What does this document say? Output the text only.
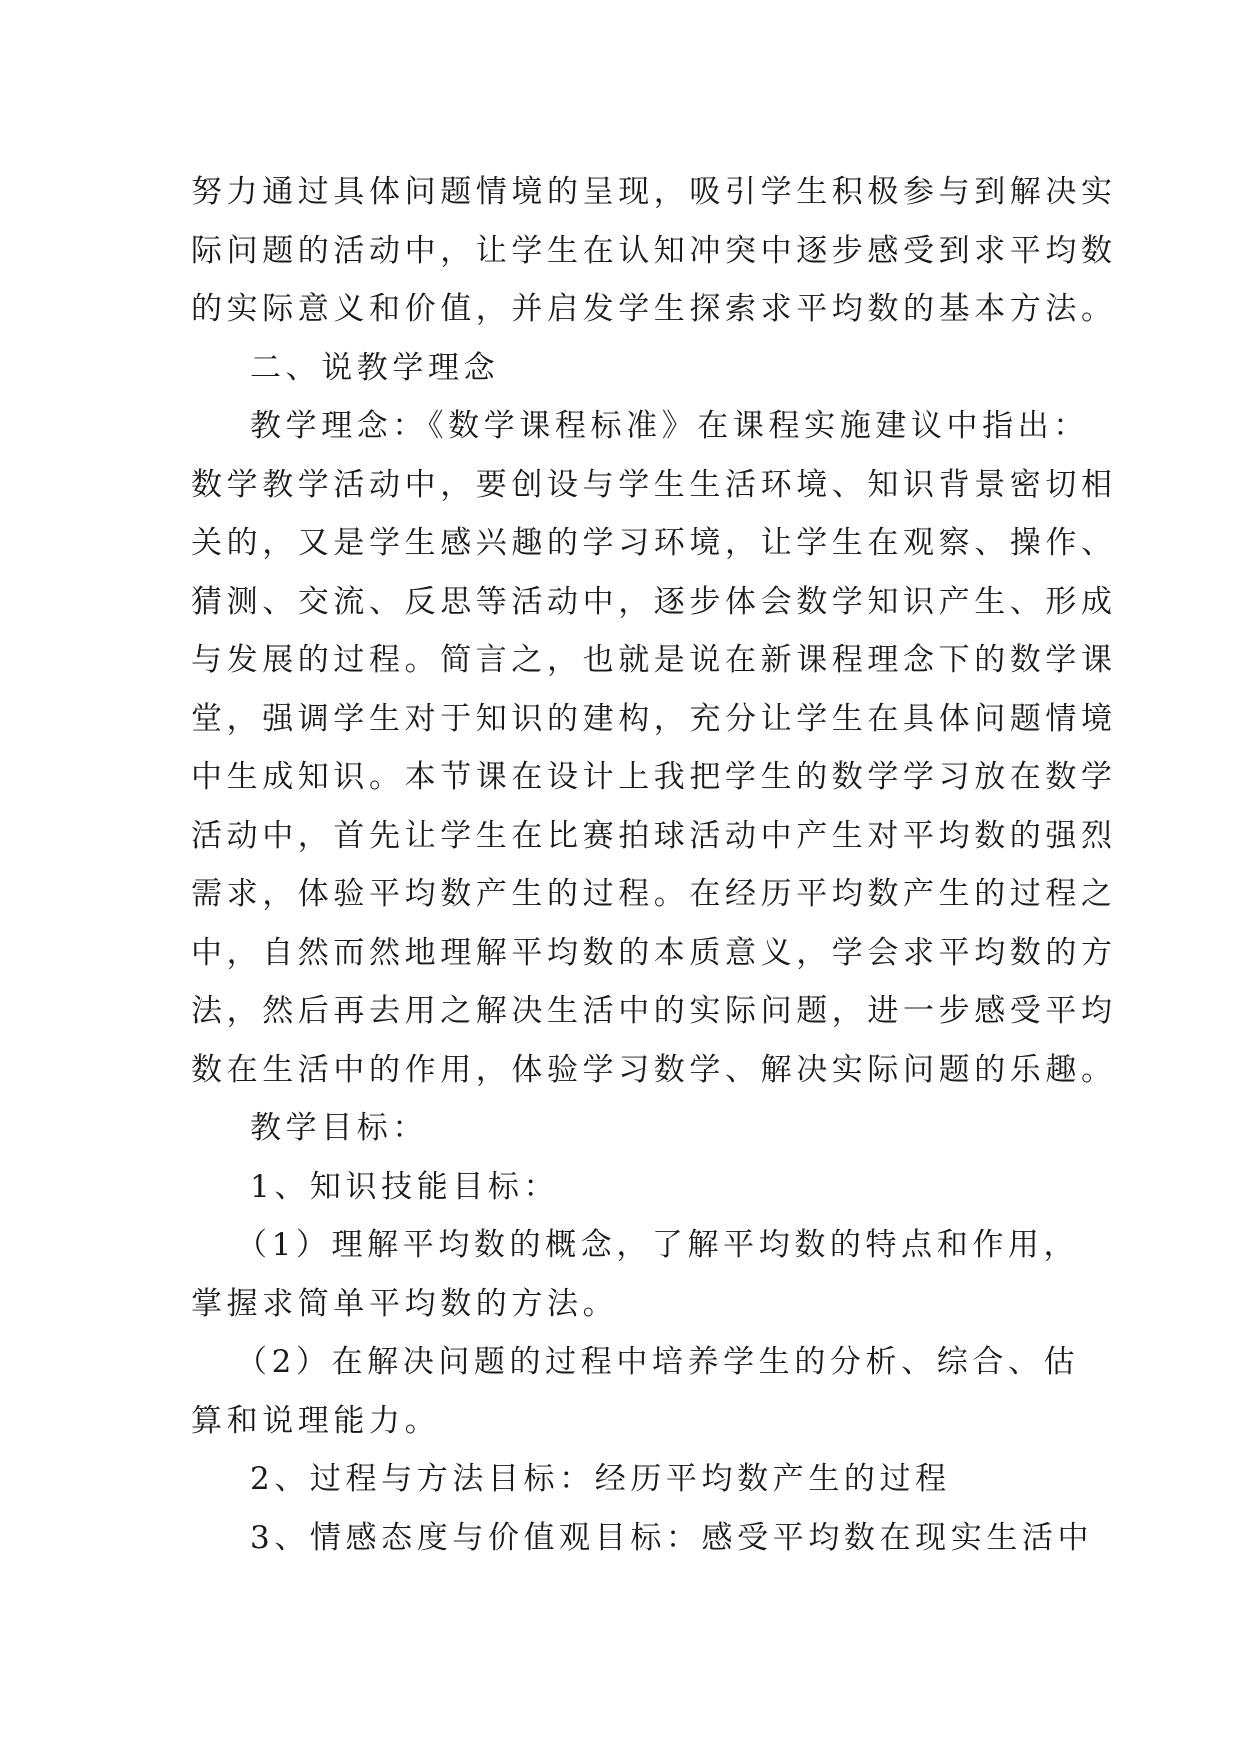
努力通过具体问题情境的呈现，吸引学生积极参与到解决实
际问题的活动中，让学生在认知冲突中逐步感受到求平均数
的实际意义和价值，并启发学生探索求平均数的基本方法。
二、说教学理念
教学理念：《数学课程标准》在课程实施建议中指出：
数学教学活动中，要创设与学生生活环境、知识背景密切相
关的，又是学生感兴趣的学习环境，让学生在观察、操作、
猜测、交流、反思等活动中，逐步体会数学知识产生、形成
与发展的过程。简言之，也就是说在新课程理念下的数学课
堂，强调学生对于知识的建构，充分让学生在具体问题情境
中生成知识。本节课在设计上我把学生的数学学习放在数学
活动中，首先让学生在比赛拍球活动中产生对平均数的强烈
需求，体验平均数产生的过程。在经历平均数产生的过程之
中，自然而然地理解平均数的本质意义，学会求平均数的方
法，然后再去用之解决生活中的实际问题，进一步感受平均
数在生活中的作用，体验学习数学、解决实际问题的乐趣。
教学目标：
1、知识技能目标：
（1）理解平均数的概念，了解平均数的特点和作用，
掌握求简单平均数的方法。
（2）在解决问题的过程中培养学生的分析、综合、估
算和说理能力。
2、过程与方法目标：经历平均数产生的过程
3、情感态度与价值观目标：感受平均数在现实生活中
